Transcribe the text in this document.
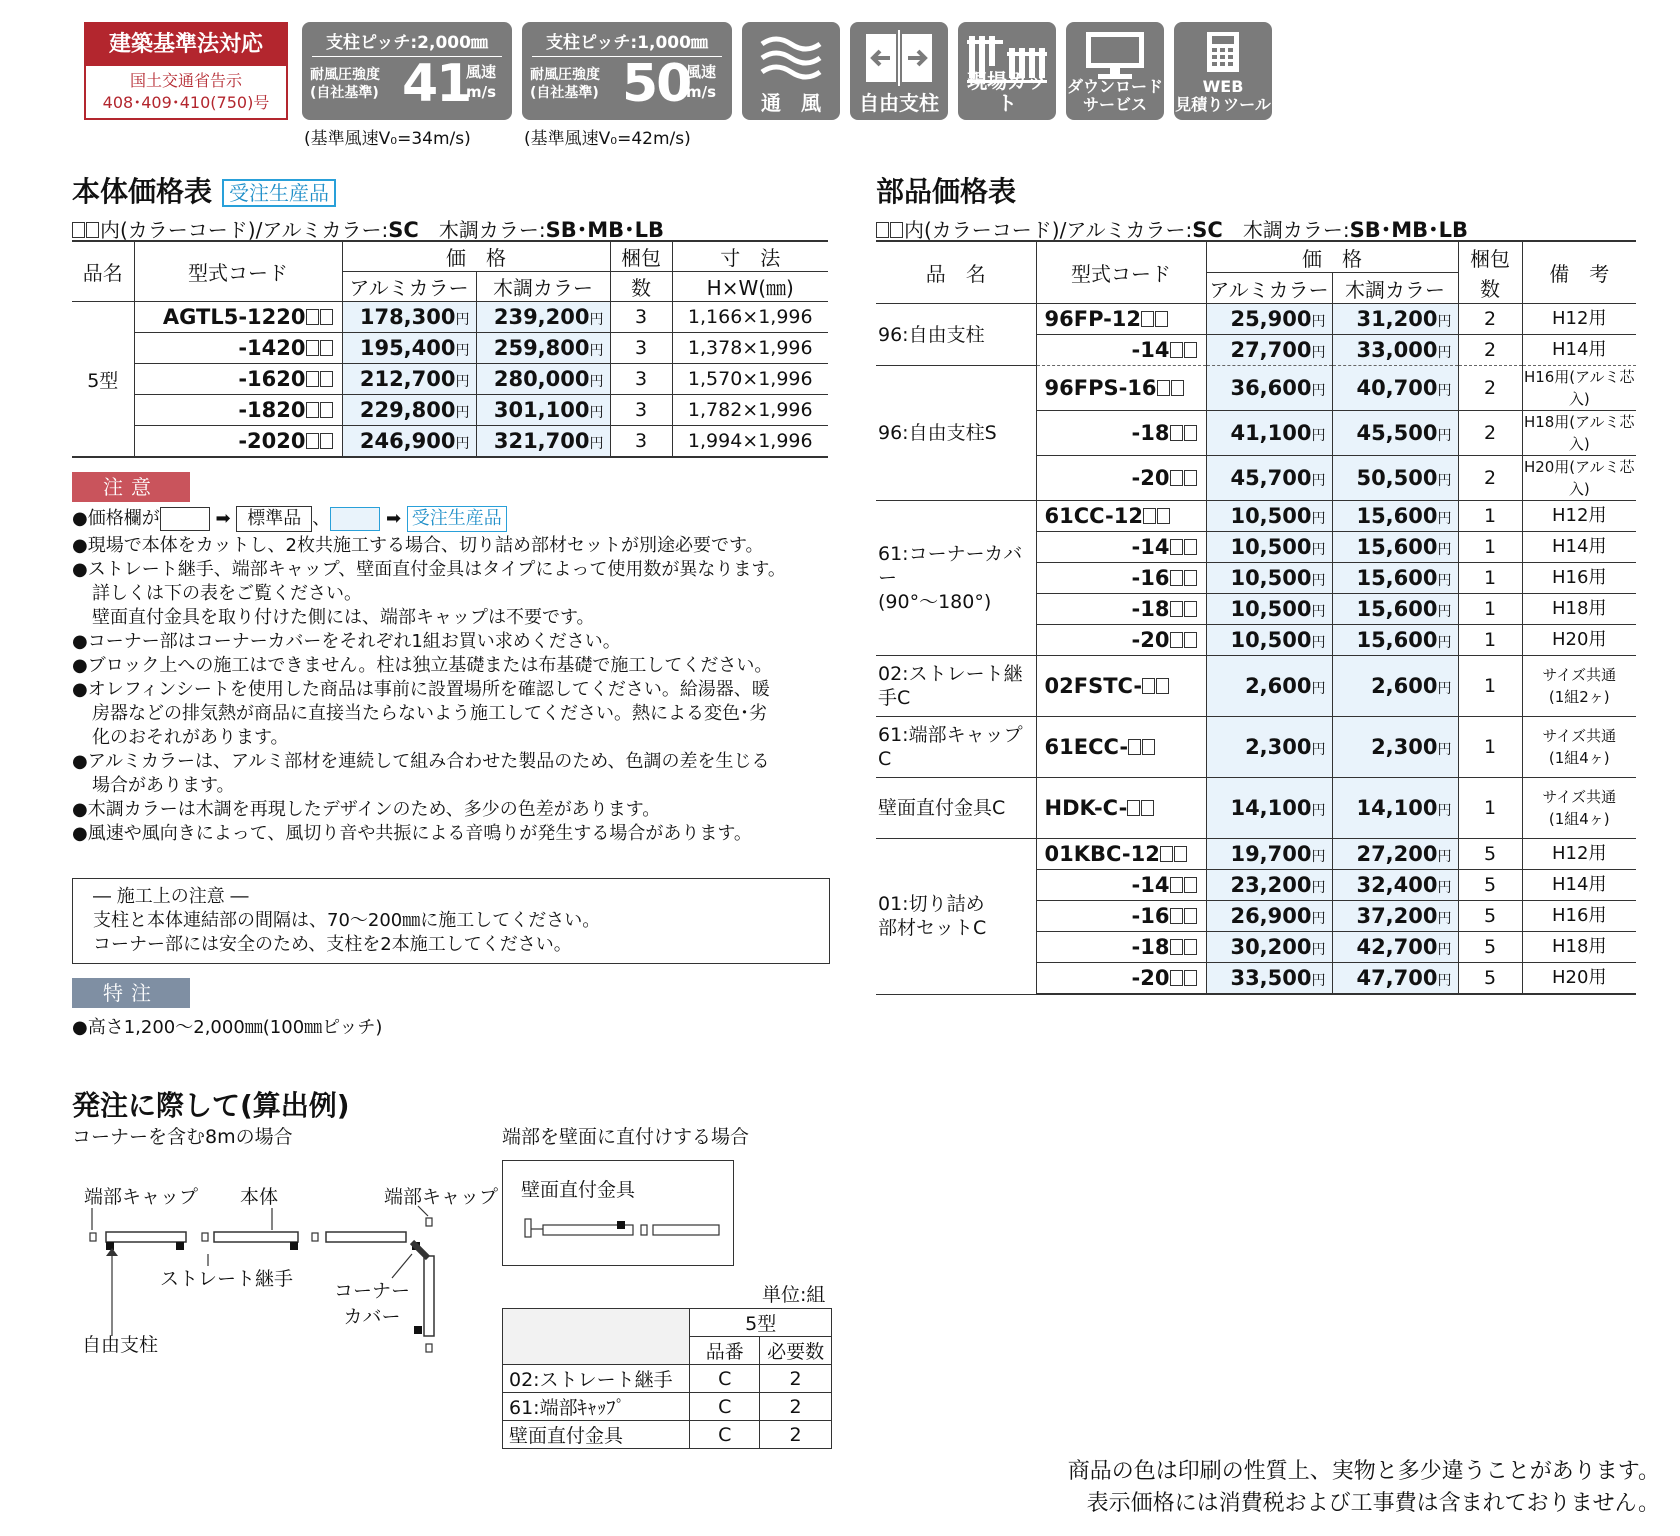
建築基準法対応
国土交通省告示
408･409･410(750)号
支柱ピッチ:2,000㎜
耐風圧強度
(自社基準) 41
風速
m/s
(基準風速V₀=34m/s)
支柱ピッチ:1,000㎜
耐風圧強度
(自社基準) 50
風速
m/s
(基準風速V₀=42m/s)
通　風	自由支柱
現場カット
ダウンロード
サービス
WEB
見積りツール
本体価格表 受注生産品
内(カラーコード)/アルミカラー:SC　木調カラー:SB･MB･LB
品名	型式コード	価　格		梱包	寸　法
		アルミカラー	木調カラー	数	H×W(㎜)
5型	AGTL5-1220	178,300円	239,200円	3	1,166×1,996
	-1420	195,400円	259,800円	3	1,378×1,996
	-1620	212,700円	280,000円	3	1,570×1,996
	-1820	229,800円	301,100円	3	1,782×1,996
	-2020	246,900円	321,700円	3	1,994×1,996
注意
●価格欄が	➡ 標準品 、	➡ 受注生産品
●現場で本体をカットし、2枚共施工する場合、切り詰め部材セットが別途必要です。
●ストレート継手、端部キャップ、壁面直付金具はタイプによって使用数が異なります。
詳しくは下の表をご覧ください。
壁面直付金具を取り付けた側には、端部キャップは不要です。
●コーナー部はコーナーカバーをそれぞれ1組お買い求めください。
●ブロック上への施工はできません。柱は独立基礎または布基礎で施工してください。
●オレフィンシートを使用した商品は事前に設置場所を確認してください。給湯器、暖
房器などの排気熱が商品に直接当たらないよう施工してください。熱による変色･劣
化のおそれがあります。
●アルミカラーは、アルミ部材を連続して組み合わせた製品のため、色調の差を生じる
場合があります。
●木調カラーは木調を再現したデザインのため、多少の色差があります。
●風速や風向きによって、風切り音や共振による音鳴りが発生する場合があります。
― 施工上の注意 ―
支柱と本体連結部の間隔は、70～200㎜に施工してください。
コーナー部には安全のため、支柱を2本施工してください。
特注
●高さ1,200～2,000㎜(100㎜ピッチ)
部品価格表
内(カラーコード)/アルミカラー:SC　木調カラー:SB･MB･LB
品　名	型式コード	価　格		梱包	備　考
		アルミカラー	木調カラー	数	
96:自由支柱	96FP-12	25,900円	31,200円	2	H12用
	-14	27,700円	33,000円	2	H14用
96:自由支柱S	96FPS-16	36,600円	40,700円	2	H16用(アルミ芯入)
	-18	41,100円	45,500円	2	H18用(アルミ芯入)
	-20	45,700円	50,500円	2	H20用(アルミ芯入)
61:コーナーカバー
(90°～180°)	61CC-12	10,500円	15,600円	1	H12用
	-14	10,500円	15,600円	1	H14用
	-16	10,500円	15,600円	1	H16用
	-18	10,500円	15,600円	1	H18用
	-20	10,500円	15,600円	1	H20用
02:ストレート継手C	02FSTC-	2,600円	2,600円	1	サイズ共通
(1組2ヶ)
61:端部キャップC	61ECC-	2,300円	2,300円	1	サイズ共通
(1組4ヶ)
壁面直付金具C	HDK-C-	14,100円	14,100円	1	サイズ共通
(1組4ヶ)
01:切り詰め
部材セットC	01KBC-12	19,700円	27,200円	5	H12用
	-14	23,200円	32,400円	5	H14用
	-16	26,900円	37,200円	5	H16用
	-18	30,200円	42,700円	5	H18用
	-20	33,500円	47,700円	5	H20用
発注に際して(算出例)
コーナーを含む8mの場合	端部を壁面に直付けする場合
端部キャップ 本体	端部キャップ
ストレート継手
コーナー
カバー
自由支柱
壁面直付金具
単位:組
	5型	
	品番	必要数
02:ストレート継手	C	2
61:端部ｷｬｯﾌﾟ	C	2
壁面直付金具	C	2
商品の色は印刷の性質上、実物と多少違うことがあります。
表示価格には消費税および工事費は含まれておりません。
